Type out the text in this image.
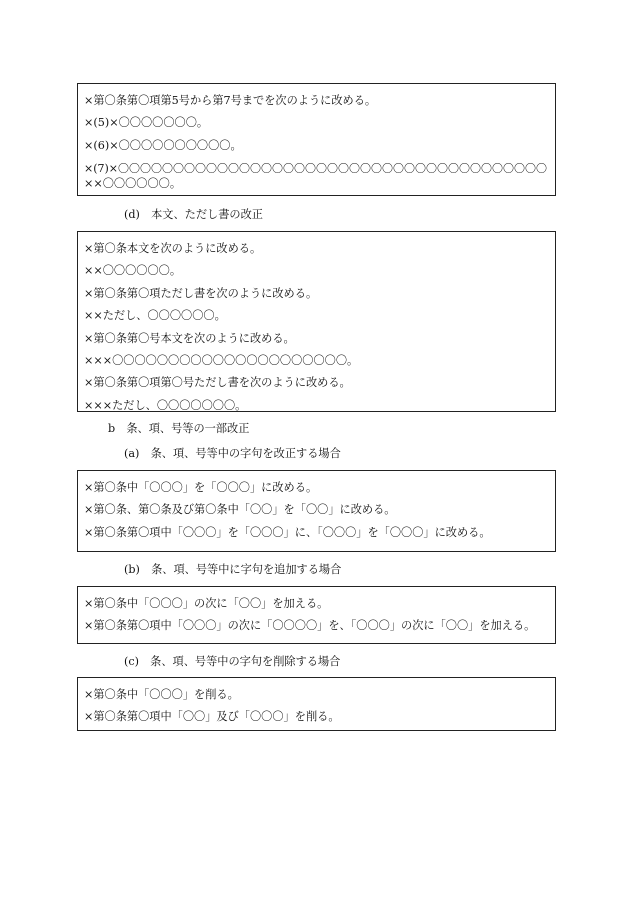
×第〇条第〇項第5号から第7号までを次のように改める。
×(5)×〇〇〇〇〇〇〇。
×(6)×〇〇〇〇〇〇〇〇〇〇。
×(7)×〇〇〇〇〇〇〇〇〇〇〇〇〇〇〇〇〇〇〇〇〇〇〇〇〇〇〇〇〇〇〇〇〇〇〇〇〇〇〇
××〇〇〇〇〇〇。
(d)　本文、ただし書の改正
×第〇条本文を次のように改める。
××〇〇〇〇〇〇。
×第〇条第〇項ただし書を次のように改める。
××ただし、〇〇〇〇〇〇。
×第〇条第〇号本文を次のように改める。
×××〇〇〇〇〇〇〇〇〇〇〇〇〇〇〇〇〇〇〇〇〇。
×第〇条第〇項第〇号ただし書を次のように改める。
×××ただし、〇〇〇〇〇〇〇。
b　条、項、号等の一部改正
(a)　条、項、号等中の字句を改正する場合
×第〇条中「〇〇〇」を「〇〇〇」に改める。
×第〇条、第〇条及び第〇条中「〇〇」を「〇〇」に改める。
×第〇条第〇項中「〇〇〇」を「〇〇〇」に、「〇〇〇」を「〇〇〇」に改める。
(b)　条、項、号等中に字句を追加する場合
×第〇条中「〇〇〇」の次に「〇〇」を加える。
×第〇条第〇項中「〇〇〇」の次に「〇〇〇〇」を、「〇〇〇」の次に「〇〇」を加える。
(c)　条、項、号等中の字句を削除する場合
×第〇条中「〇〇〇」を削る。
×第〇条第〇項中「〇〇」及び「〇〇〇」を削る。
